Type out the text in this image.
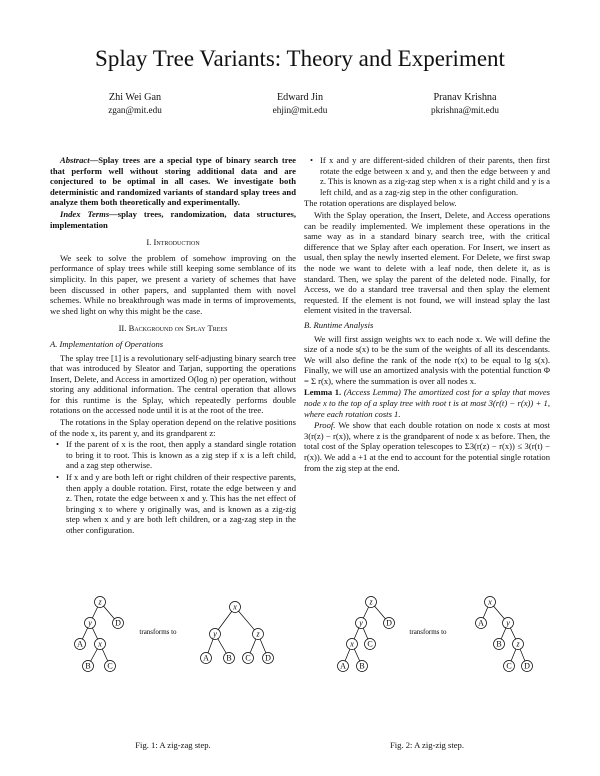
Splay Tree Variants: Theory and Experiment
Zhi Wei Gan
zgan@mit.edu
Edward Jin
ehjin@mit.edu
Pranav Krishna
pkrishna@mit.edu

Abstract—Splay trees are a special type of binary search tree that perform well without storing additional data and are conjectured to be optimal in all cases. We investigate both deterministic and randomized variants of standard splay trees and analyze them both theoretically and experimentally.

Index Terms—splay trees, randomization, data structures, implementation

I. Introduction

We seek to solve the problem of somehow improving on the performance of splay trees while still keeping some semblance of its simplicity. In this paper, we present a variety of schemes that have been discussed in other papers, and supplanted them with novel schemes. While no breakthrough was made in terms of improvements, we shed light on why this might be the case.

II. Background on Splay Trees
A. Implementation of Operations

The splay tree [1] is a revolutionary self-adjusting binary search tree that was introduced by Sleator and Tarjan, supporting the operations Insert, Delete, and Access in amortized O(log n) per operation, without storing any additional information. The central operation that allows for this runtime is the Splay, which repeatedly performs double rotations on the accessed node until it is at the root of the tree.

The rotations in the Splay operation depend on the relative positions of the node x, its parent y, and its grandparent z:

• If the parent of x is the root, then apply a standard single rotation to bring it to root. This is known as a zig step if x is a left child, and a zag step otherwise.
• If x and y are both left or right children of their respective parents, then apply a double rotation. First, rotate the edge between y and z. Then, rotate the edge between x and y. This has the net effect of bringing x to where y originally was, and is known as a zig-zig step when x and y are both left children, or a zag-zag step in the other configuration.
• If x and y are different-sided children of their parents, then first rotate the edge between x and y, and then the edge between y and z. This is known as a zig-zag step when x is a right child and y is a left child, and as a zag-zig step in the other configuration.

The rotation operations are displayed below.

With the Splay operation, the Insert, Delete, and Access operations can be readily implemented. We implement these operations in the same way as in a standard binary search tree, with the critical difference that we Splay after each operation. For Insert, we insert as usual, then splay the newly inserted element. For Delete, we first swap the node we want to delete with a leaf node, then delete it, as is standard. Then, we splay the parent of the deleted node. Finally, for Access, we do a standard tree traversal and then splay the element requested. If the element is not found, we will instead splay the last element visited in the traversal.

B. Runtime Analysis

We will first assign weights wx to each node x. We will define the size of a node s(x) to be the sum of the weights of all its descendants. We will also define the rank of the node r(x) to be equal to lg s(x). Finally, we will use an amortized analysis with the potential function Φ = Σ r(x), where the summation is over all nodes x.

Lemma 1. (Access Lemma) The amortized cost for a splay that moves node x to the top of a splay tree with root t is at most 3(r(t) − r(x)) + 1, where each rotation costs 1.

Proof. We show that each double rotation on node x costs at most 3(r(z) − r(x)), where z is the grandparent of node x as before. Then, the total cost of the Splay operation telescopes to Σ3(r(z) − r(x)) ≤ 3(r(t) − r(x)). We add a +1 at the end to account for the potential single rotation from the zig step at the end.

z
y	D
A x
B C
transforms to
x
y	z
A B C D
z
y	D
x C
A B
transforms to
x
A	y
B z
C D
Fig. 1: A zig-zag step.	Fig. 2: A zig-zig step.
